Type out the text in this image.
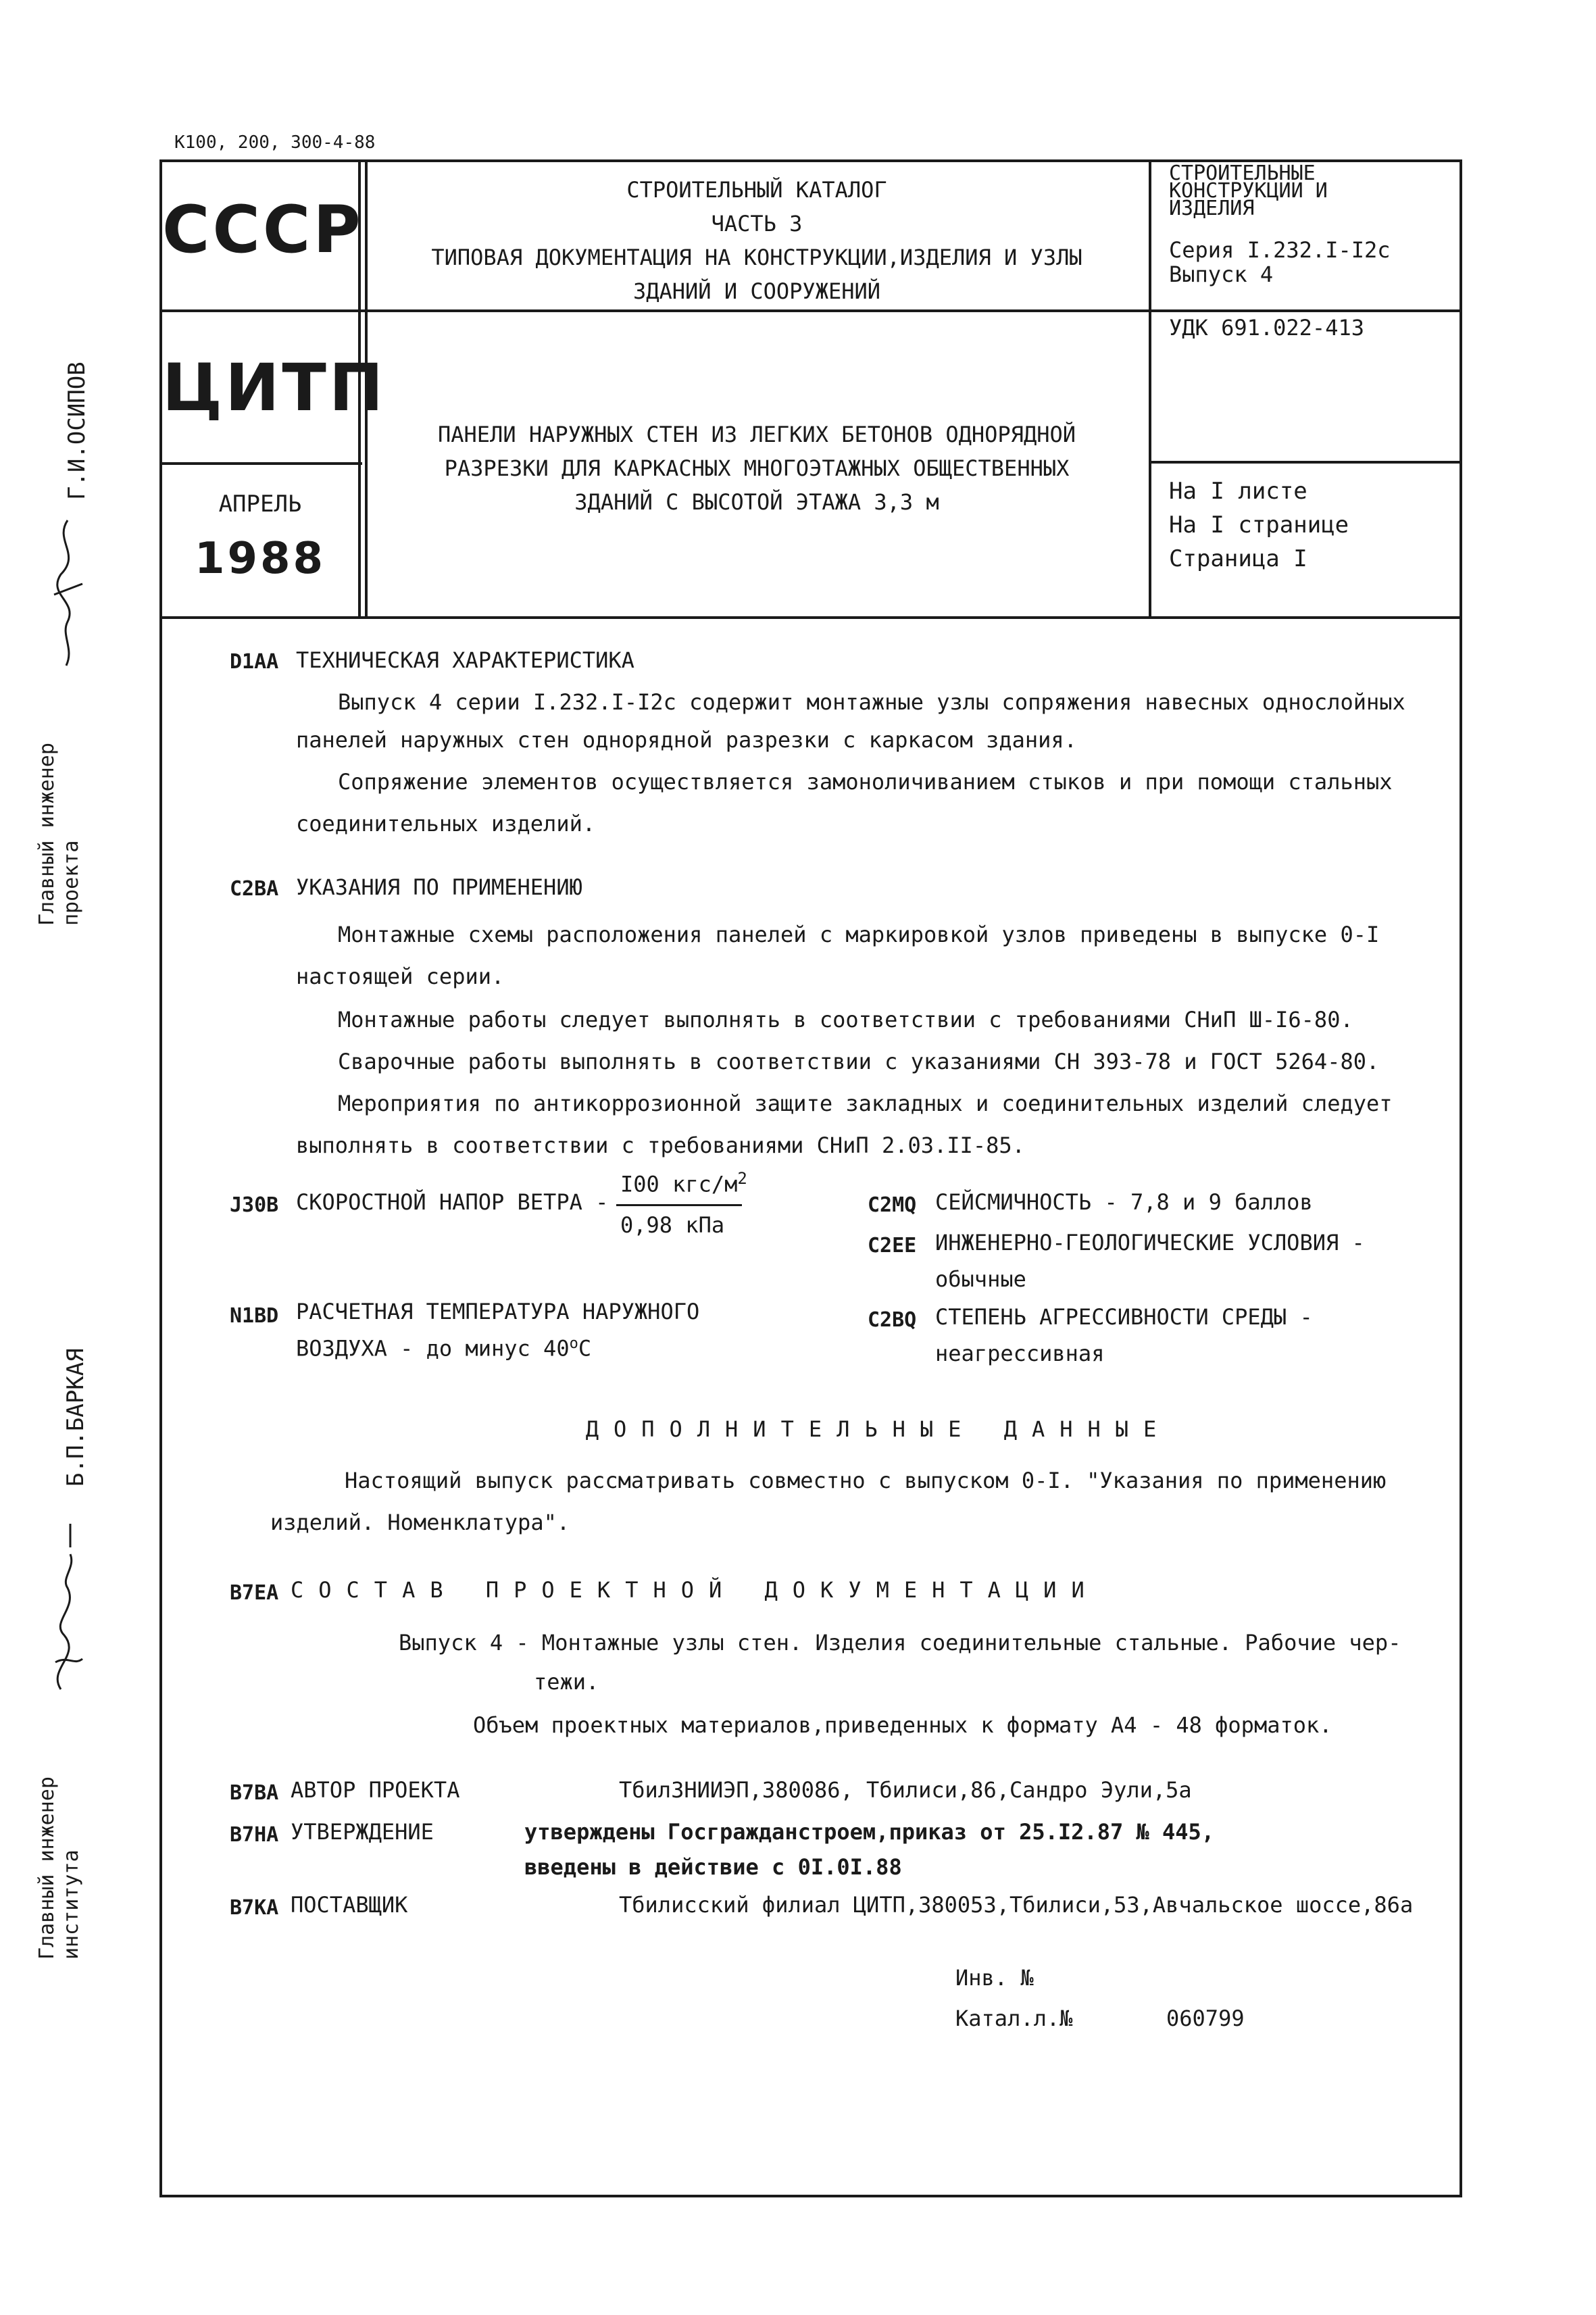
К100, 200, 300-4-88
СССР
ЦИТП
АПРЕЛЬ
1988
СТРОИТЕЛЬНЫЙ КАТАЛОГ
ЧАСТЬ 3
ТИПОВАЯ ДОКУМЕНТАЦИЯ НА КОНСТРУКЦИИ,ИЗДЕЛИЯ И УЗЛЫ
ЗДАНИЙ И СООРУЖЕНИЙ
ПАНЕЛИ НАРУЖНЫХ СТЕН ИЗ ЛЕГКИХ БЕТОНОВ ОДНОРЯДНОЙ
РАЗРЕЗКИ ДЛЯ КАРКАСНЫХ МНОГОЭТАЖНЫХ ОБЩЕСТВЕННЫХ
ЗДАНИЙ С ВЫСОТОЙ ЭТАЖА 3,3 м
СТРОИТЕЛЬНЫЕ
КОНСТРУКЦИИ И
ИЗДЕЛИЯ
Серия I.232.I-I2с
Выпуск 4
УДК 691.022-413
На I листе
На I странице
Страница I
Главный инженер проекта
Г.И.ОСИПОВ
Б.П.БАРКАЯ
Главный инженер института
D1AA ТЕХНИЧЕСКАЯ ХАРАКТЕРИСТИКА
Выпуск 4 серии I.232.I-I2с содержит монтажные узлы сопряжения навесных однослойных
панелей наружных стен однорядной разрезки с каркасом здания.
Сопряжение элементов осуществляется замоноличиванием стыков и при помощи стальных
соединительных изделий.
C2BA УКАЗАНИЯ ПО ПРИМЕНЕНИЮ
Монтажные схемы расположения панелей с маркировкой узлов приведены в выпуске 0-I
настоящей серии.
Монтажные работы следует выполнять в соответствии с требованиями СНиП Ш-I6-80.
Сварочные работы выполнять в соответствии с указаниями СН 393-78 и ГОСТ 5264-80.
Мероприятия по антикоррозионной защите закладных и соединительных изделий следует
выполнять в соответствии с требованиями СНиП 2.03.II-85.
J30B СКОРОСТНОЙ НАПОР ВЕТРА -
I00 кгс/$м^2$
0,98 кПа
N1BD РАСЧЕТНАЯ ТЕМПЕРАТУРА НАРУЖНОГО
ВОЗДУХА - до минус $40^оС$
C2MQ СЕЙСМИЧНОСТЬ - 7,8 и 9 баллов
C2EE ИНЖЕНЕРНО-ГЕОЛОГИЧЕСКИЕ УСЛОВИЯ -
обычные
C2BQ СТЕПЕНЬ АГРЕССИВНОСТИ СРЕДЫ -
неагрессивная
ДОПОЛНИТЕЛЬНЫЕ ДАННЫЕ
Настоящий выпуск рассматривать совместно с выпуском 0-I. "Указания по применению
изделий. Номенклатура".
B7EA СОСТАВ ПРОЕКТНОЙ ДОКУМЕНТАЦИИ
Выпуск 4 - Монтажные узлы стен. Изделия соединительные стальные. Рабочие чер-
тежи.
Объем проектных материалов,приведенных к формату А4 - 48 форматок.
B7BA АВТОР ПРОЕКТА	ТбилЗНИИЭП,380086, Тбилиси,86,Сандро Эули,5а
B7HA УТВЕРЖДЕНИЕ	утверждены Госгражданстроем,приказ от 25.I2.87 № 445,
введены в действие с 0I.0I.88
B7KA ПОСТАВЩИК	Тбилисский филиал ЦИТП,380053,Тбилиси,53,Авчальское шоссе,86а
Инв. №
Катал.л.№	060799
